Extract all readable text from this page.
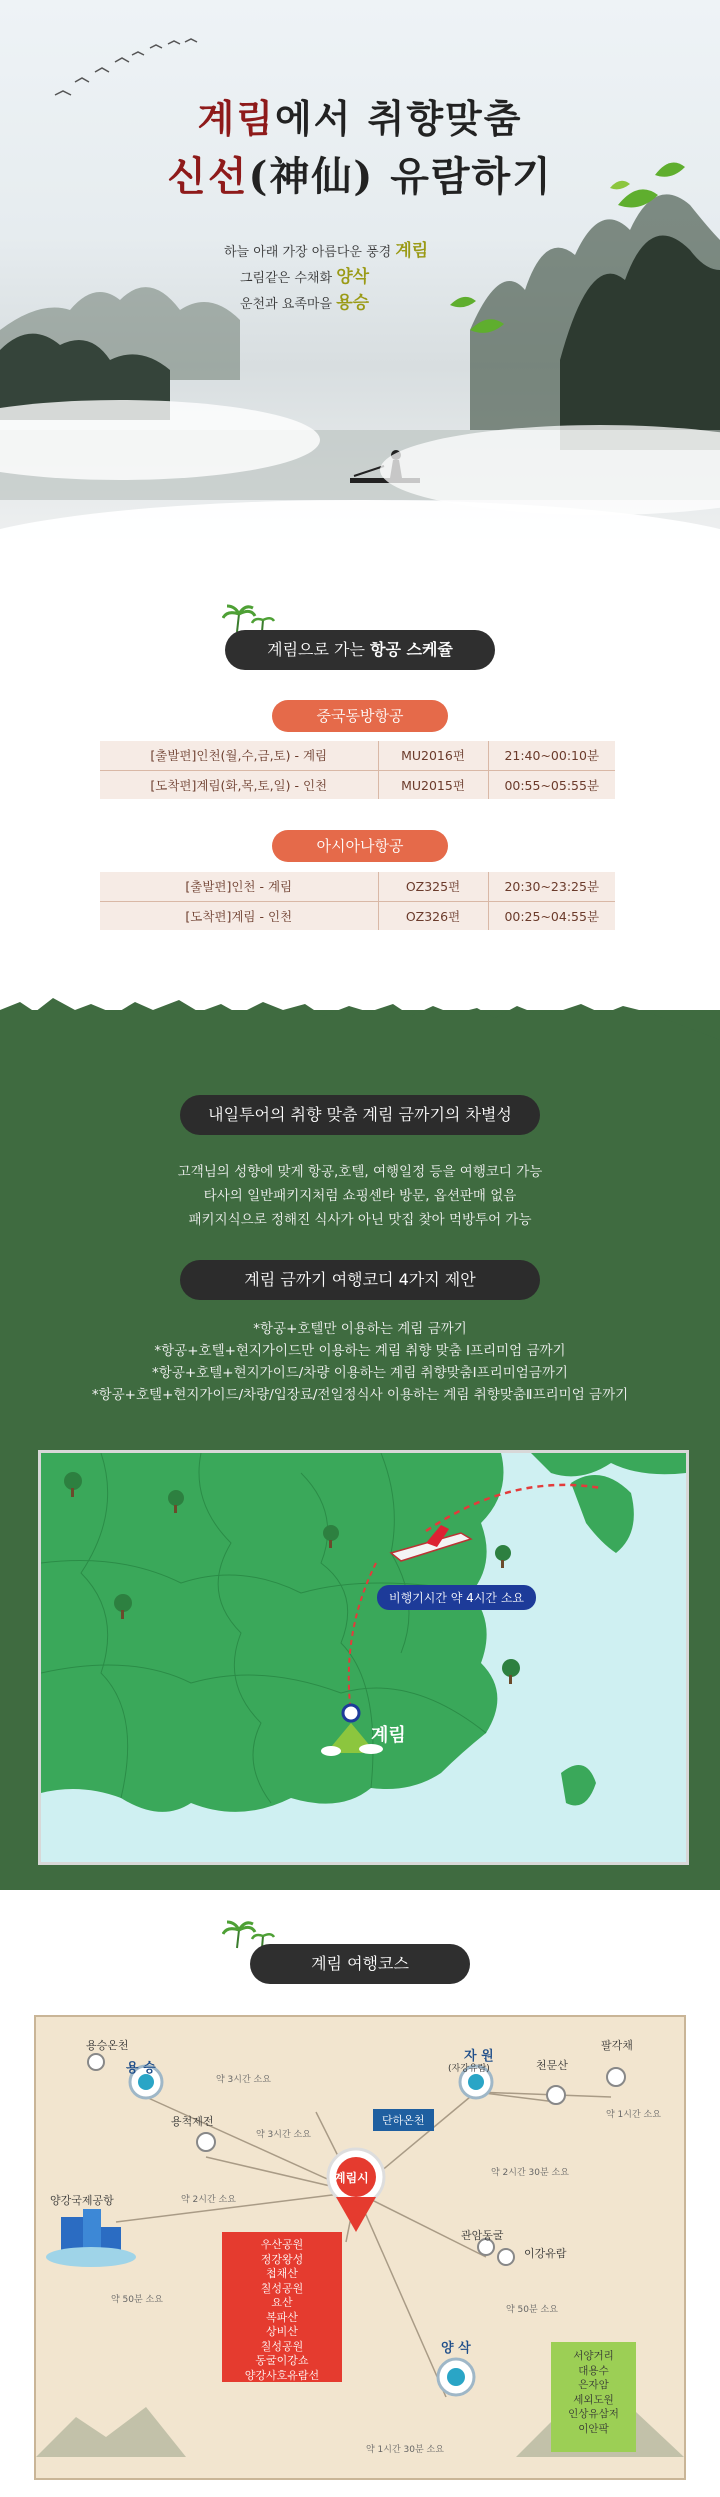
계림에서 취향맞춤
신선(神仙) 유람하기
하늘 아래 가장 아름다운 풍경 계림
그림같은 수채화 양삭
운천과 요족마을 용승
계림으로 가는 항공 스케쥴
중국동방항공
[출발편]인천(월,수,금,토) - 계림	MU2016편	21:40~00:10분
[도착편]계림(화,목,토,일) - 인천	MU2015편	00:55~05:55분
아시아나항공
[출발편]인천 - 계림	OZ325편	20:30~23:25분
[도착편]계림 - 인천	OZ326편	00:25~04:55분
내일투어의 취향 맞춤 계림 금까기의 차별성
고객님의 성향에 맞게 항공,호텔, 여행일정 등을 여행코디 가능
타사의 일반패키지처럼 쇼핑센타 방문, 옵션판매 없음
패키지식으로 정해진 식사가 아닌 맛집 찾아 먹방투어 가능
계림 금까기 여행코디 4가지 제안
*항공+호텔만 이용하는 계림 금까기
*항공+호텔+현지가이드만 이용하는 계림 취향 맞춤 Ⅰ프리미엄 금까기
*항공+호텔+현지가이드/차량 이용하는 계림 취향맞춤Ⅰ프리미엄금까기
*항공+호텔+현지가이드/차량/입장료/전일정식사 이용하는 계림 취향맞춤Ⅱ프리미엄 금까기
비행기시간 약 4시간 소요
계림
계림 여행코스
용승온천
용 승
용척제전
자 원
(자강유람)	천문산
팔각채
단하온천
계림시
양강국제공항
관암동굴
이강유람
양 삭
약 3시간 소요
약 3시간 소요
약 2시간 소요
약 1시간 소요
약 2시간 30분 소요
약 50분 소요
약 50분 소요
약 1시간 30분 소요
우산공원
정강왕성
첩채산
칠성공원
요산
복파산
상비산
칠성공원
동굴이강쇼
양강사호유람선
서양거리
대용수
은자암
세외도원
인상유삼저
이안팍
